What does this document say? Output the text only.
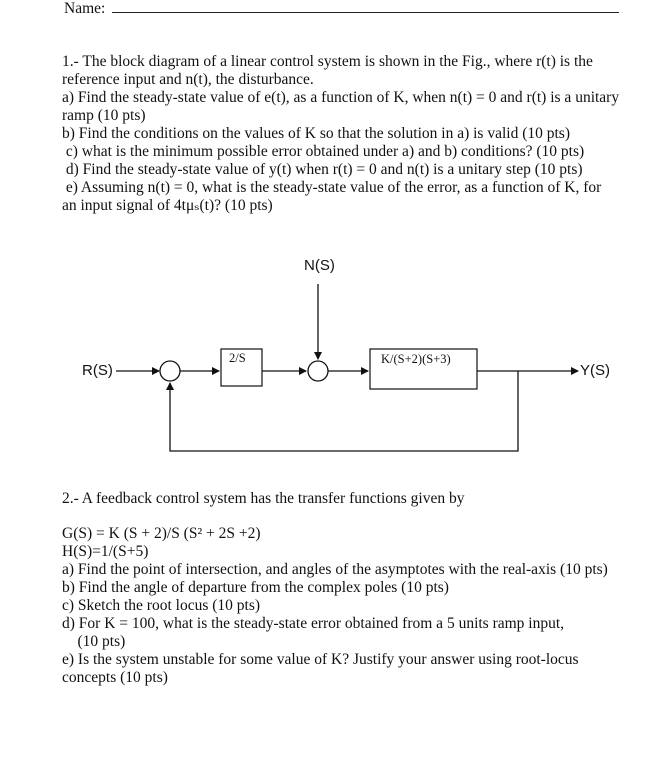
Name:
1.- The block diagram of a linear control system is shown in the Fig., where r(t) is the
reference input and n(t), the disturbance.
a) Find the steady-state value of e(t), as a function of K, when n(t) = 0 and r(t) is a unitary
ramp (10 pts)
b) Find the conditions on the values of K so that the solution in a) is valid (10 pts)
c) what is the minimum possible error obtained under a) and b) conditions? (10 pts)
d) Find the steady-state value of y(t) when r(t) = 0 and n(t) is a unitary step (10 pts)
e) Assuming n(t) = 0, what is the steady-state value of the error, as a function of K, for
an input signal of 4tμₛ(t)? (10 pts)
R(S)
N(S)
Y(S)
2/S	K/(S+2)(S+3)
2.- A feedback control system has the transfer functions given by
G(S) = K (S + 2)/S (S² + 2S +2)
H(S)=1/(S+5)
a) Find the point of intersection, and angles of the asymptotes with the real-axis (10 pts)
b) Find the angle of departure from the complex poles (10 pts)
c) Sketch the root locus (10 pts)
d) For K = 100, what is the steady-state error obtained from a 5 units ramp input,
(10 pts)
e) Is the system unstable for some value of K? Justify your answer using root-locus
concepts (10 pts)
